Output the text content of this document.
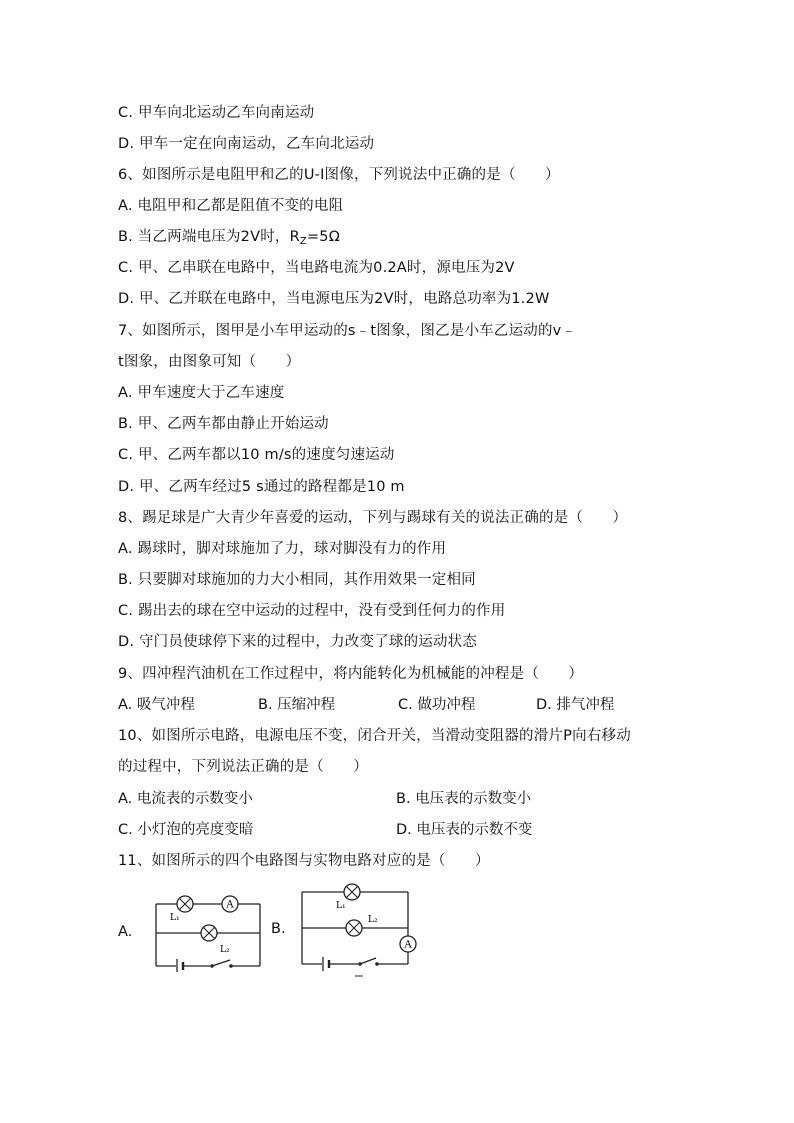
C. 甲车向北运动乙车向南运动
D. 甲车一定在向南运动，乙车向北运动
6、如图所示是电阻甲和乙的U-I图像，下列说法中正确的是（　　）
A. 电阻甲和乙都是阻值不变的电阻
B. 当乙两端电压为2V时，$R_Z=5\Omega$
C. 甲、乙串联在电路中，当电路电流为0.2A时，源电压为2V
D. 甲、乙并联在电路中，当电源电压为2V时，电路总功率为1.2W
7、如图所示，图甲是小车甲运动的s﹣t图象，图乙是小车乙运动的v﹣
t图象，由图象可知（　　）
A. 甲车速度大于乙车速度
B. 甲、乙两车都由静止开始运动
C. 甲、乙两车都以10 m/s的速度匀速运动
D. 甲、乙两车经过5 s通过的路程都是10 m
8、踢足球是广大青少年喜爱的运动，下列与踢球有关的说法正确的是（　　）
A. 踢球时，脚对球施加了力，球对脚没有力的作用
B. 只要脚对球施加的力大小相同，其作用效果一定相同
C. 踢出去的球在空中运动的过程中，没有受到任何力的作用
D. 守门员使球停下来的过程中，力改变了球的运动状态
9、四冲程汽油机在工作过程中，将内能转化为机械能的冲程是（　　）
A. 吸气冲程	B. 压缩冲程	C. 做功冲程	D. 排气冲程
10、如图所示电路，电源电压不变，闭合开关，当滑动变阻器的滑片P向右移动
的过程中，下列说法正确的是（　　）
A. 电流表的示数变小	B. 电压表的示数变小
C. 小灯泡的亮度变暗	D. 电压表的示数不变
11、如图所示的四个电路图与实物电路对应的是（　　）
A.
L₁
A
L₂
B.
L₁
L₂
A
